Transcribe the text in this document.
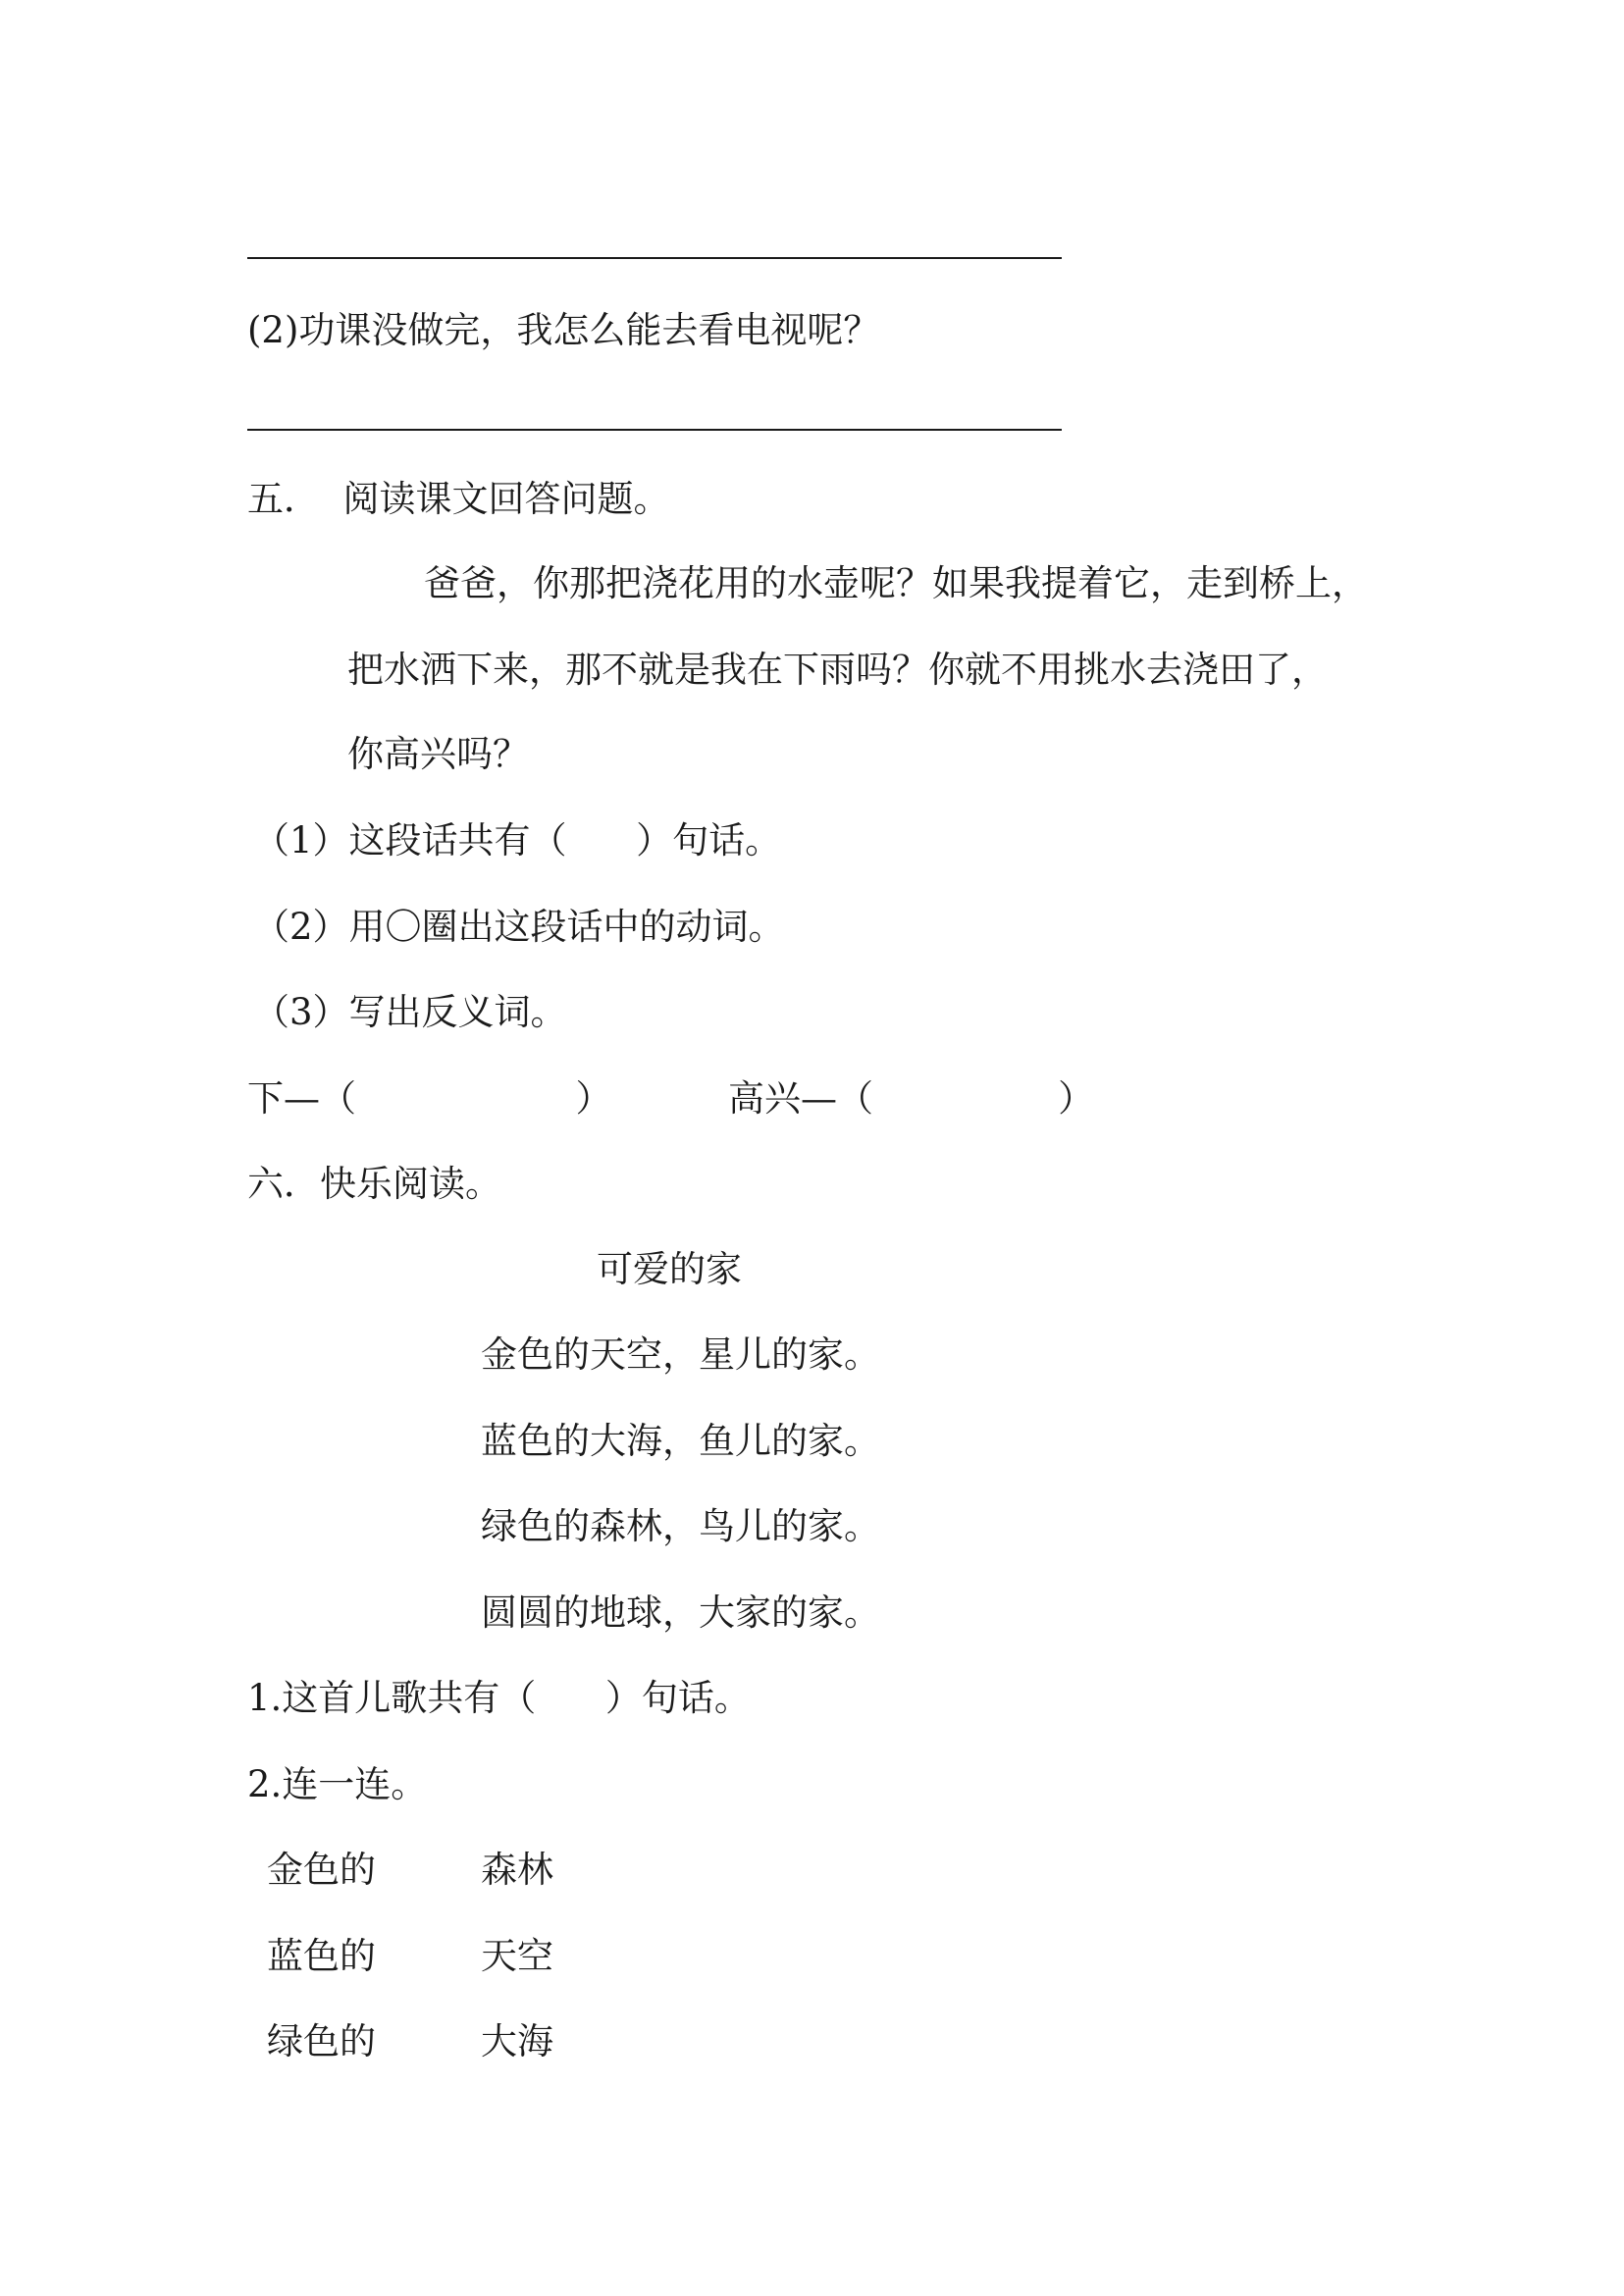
(2)功课没做完，我怎么能去看电视呢？
五．  阅读课文回答问题。
爸爸，你那把浇花用的水壶呢？如果我提着它，走到桥上，
把水洒下来，那不就是我在下雨吗？你就不用挑水去浇田了，
你高兴吗？
（1）这段话共有（      ）句话。
（2）用〇圈出这段话中的动词。
（3）写出反义词。
下—（                   ）	高兴—（                ）
六．快乐阅读。
可爱的家
金色的天空，星儿的家。
蓝色的大海，鱼儿的家。
绿色的森林，鸟儿的家。
圆圆的地球，大家的家。
1.这首儿歌共有（      ）句话。
2.连一连。
金色的	森林
蓝色的	天空
绿色的	大海
